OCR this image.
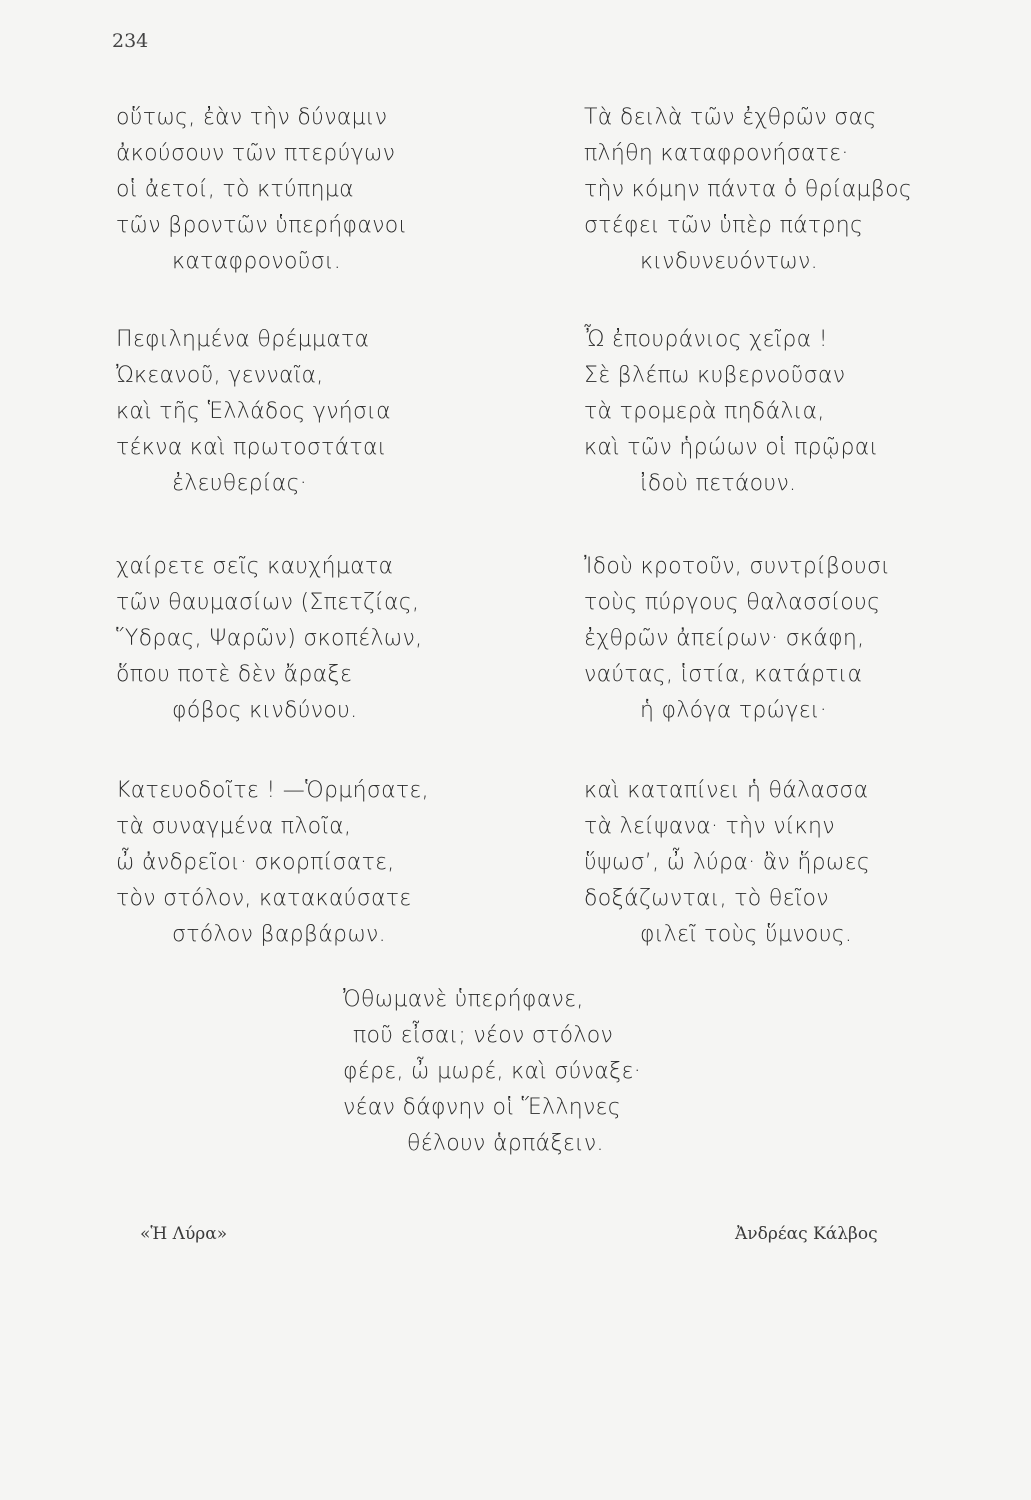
234
οὕτως, ἐὰν τὴν δύναμιν
ἀκούσουν τῶν πτερύγων
οἱ ἀετοί, τὸ κτύπημα
τῶν βροντῶν ὑπερήφανοι
καταφρονοῦσι.
Πεφιλημένα θρέμματα
Ὠκεανοῦ, γενναῖα,
καὶ τῆς Ἑλλάδος γνήσια
τέκνα καὶ πρωτοστάται
ἐλευθερίας·
χαίρετε σεῖς καυχήματα
τῶν θαυμασίων (Σπετζίας,
Ὕδρας, Ψαρῶν) σκοπέλων,
ὅπου ποτὲ δὲν ἄραξε
φόβος κινδύνου.
Κατευοδοῖτε ! —Ὁρμήσατε,
τὰ συναγμένα πλοῖα,
ὦ ἀνδρεῖοι· σκορπίσατε,
τὸν στόλον, κατακαύσατε
στόλον βαρβάρων.
Τὰ δειλὰ τῶν ἐχθρῶν σας
πλήθη καταφρονήσατε·
τὴν κόμην πάντα ὁ θρίαμβος
στέφει τῶν ὑπὲρ πάτρης
κινδυνευόντων.
Ὦ ἐπουράνιος χεῖρα !
Σὲ βλέπω κυβερνοῦσαν
τὰ τρομερὰ πηδάλια,
καὶ τῶν ἡρώων οἱ πρῷραι
ἰδοὺ πετάουν.
Ἰδοὺ κροτοῦν, συντρίβουσι
τοὺς πύργους θαλασσίους
ἐχθρῶν ἀπείρων· σκάφη,
ναύτας, ἱστία, κατάρτια
ἡ φλόγα τρώγει·
καὶ καταπίνει ἡ θάλασσα
τὰ λείψανα· τὴν νίκην
ὕψωσ’, ὦ λύρα· ἂν ἥρωες
δοξάζωνται, τὸ θεῖον
φιλεῖ τοὺς ὕμνους.
Ὀθωμανὲ ὑπερήφανε,
ποῦ εἶσαι; νέον στόλον
φέρε, ὦ μωρέ, καὶ σύναξε·
νέαν δάφνην οἱ Ἕλληνες
θέλουν ἁρπάξειν.
«Ἡ Λύρα»	Ἀνδρέας Κάλβος
